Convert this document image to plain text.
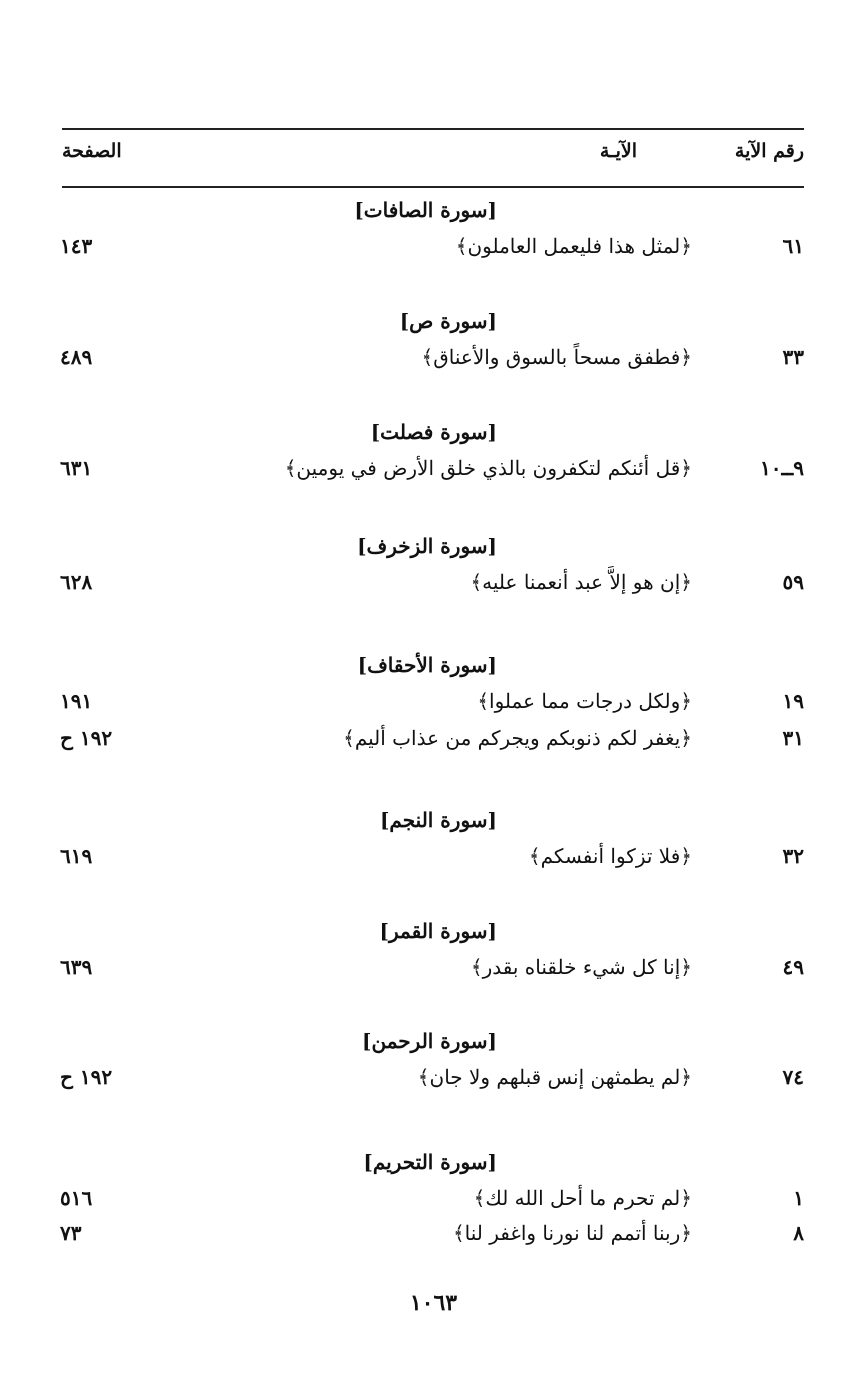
رقم الآية
الآيـة
الصفحة
[سورة الصافات]
٦١
﴿لمثل هذا فليعمل العاملون﴾
١٤٣
[سورة ص]
٣٣
﴿فطفق مسحاً بالسوق والأعناق﴾
٤٨٩
[سورة فصلت]
٩ــ١٠
﴿قل أئنكم لتكفرون بالذي خلق الأرض في يومين﴾
٦٣١
[سورة الزخرف]
٥٩
﴿إن هو إلاَّ عبد أنعمنا عليه﴾
٦٢٨
[سورة الأحقاف]
١٩
﴿ولكل درجات مما عملوا﴾
١٩١
٣١
﴿يغفر لكم ذنوبكم ويجركم من عذاب أليم﴾
١٩٢ ح
[سورة النجم]
٣٢
﴿فلا تزكوا أنفسكم﴾
٦١٩
[سورة القمر]
٤٩
﴿إنا كل شيء خلقناه بقدر﴾
٦٣٩
[سورة الرحمن]
٧٤
﴿لم يطمثهن إنس قبلهم ولا جان﴾
١٩٢ ح
[سورة التحريم]
١
﴿لم تحرم ما أحل الله لك﴾
٥١٦
٨
﴿ربنا أتمم لنا نورنا واغفر لنا﴾
٧٣
١٠٦٣
